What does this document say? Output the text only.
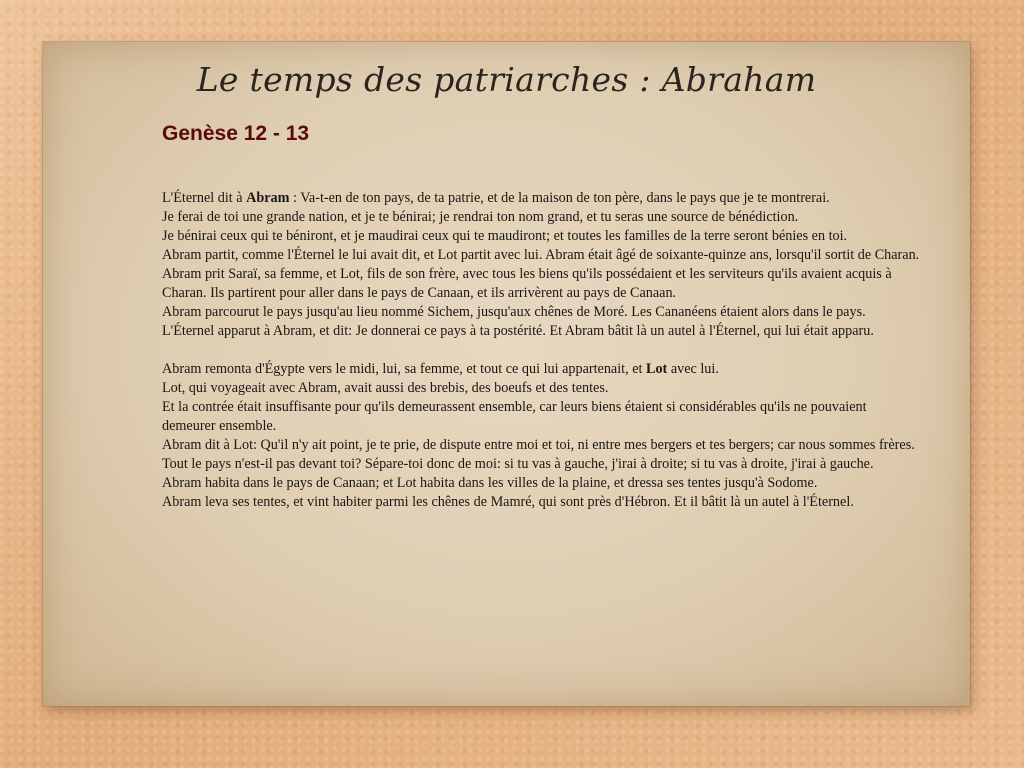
Le temps des patriarches : Abraham
Genèse 12 - 13

L'Éternel dit à Abram : Va-t-en de ton pays, de ta patrie, et de la maison de ton père, dans le pays que je te montrerai.

Je ferai de toi une grande nation, et je te bénirai; je rendrai ton nom grand, et tu seras une source de bénédiction.

Je bénirai ceux qui te béniront, et je maudirai ceux qui te maudiront; et toutes les familles de la terre seront bénies en toi.

Abram partit, comme l'Éternel le lui avait dit, et Lot partit avec lui. Abram était âgé de soixante-quinze ans, lorsqu'il sortit de Charan.

Abram prit Saraï, sa femme, et Lot, fils de son frère, avec tous les biens qu'ils possédaient et les serviteurs qu'ils avaient acquis à Charan. Ils partirent pour aller dans le pays de Canaan, et ils arrivèrent au pays de Canaan.

Abram parcourut le pays jusqu'au lieu nommé Sichem, jusqu'aux chênes de Moré. Les Cananéens étaient alors dans le pays.

L'Éternel apparut à Abram, et dit: Je donnerai ce pays à ta postérité. Et Abram bâtit là un autel à l'Éternel, qui lui était apparu.

Abram remonta d'Égypte vers le midi, lui, sa femme, et tout ce qui lui appartenait, et Lot avec lui.

Lot, qui voyageait avec Abram, avait aussi des brebis, des boeufs et des tentes.

Et la contrée était insuffisante pour qu'ils demeurassent ensemble, car leurs biens étaient si considérables qu'ils ne pouvaient demeurer ensemble.

Abram dit à Lot: Qu'il n'y ait point, je te prie, de dispute entre moi et toi, ni entre mes bergers et tes bergers; car nous sommes frères.

Tout le pays n'est-il pas devant toi? Sépare-toi donc de moi: si tu vas à gauche, j'irai à droite; si tu vas à droite, j'irai à gauche.

Abram habita dans le pays de Canaan; et Lot habita dans les villes de la plaine, et dressa ses tentes jusqu'à Sodome.

Abram leva ses tentes, et vint habiter parmi les chênes de Mamré, qui sont près d'Hébron. Et il bâtit là un autel à l'Éternel.
